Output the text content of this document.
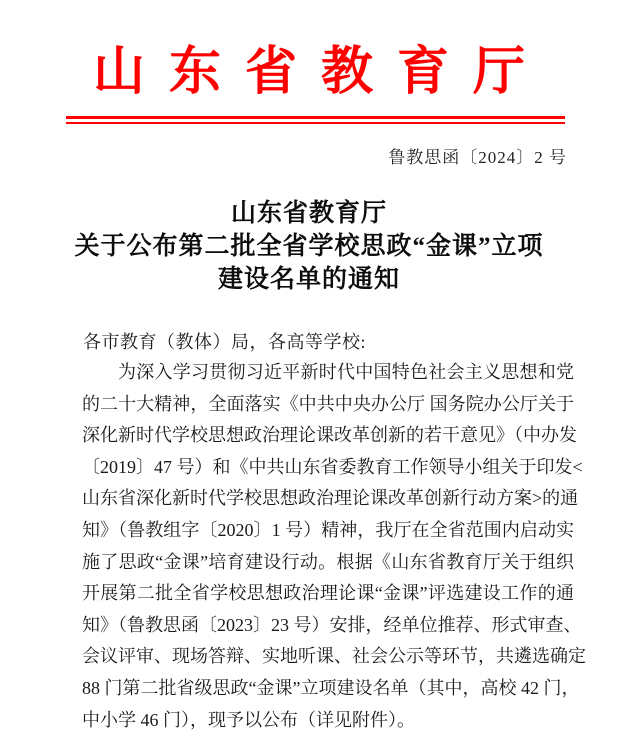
山东省教育厅
鲁教思函〔2024〕2 号
山东省教育厅
关于公布第二批全省学校思政“金课”立项
建设名单的通知
各市教育（教体）局，各高等学校:
为深入学习贯彻习近平新时代中国特色社会主义思想和党
的二十大精神，全面落实《中共中央办公厅 国务院办公厅关于
深化新时代学校思想政治理论课改革创新的若干意见》（中办发
〔2019〕47 号）和《中共山东省委教育工作领导小组关于印发<
山东省深化新时代学校思想政治理论课改革创新行动方案>的通
知》（鲁教组字〔2020〕1 号）精神，我厅在全省范围内启动实
施了思政“金课”培育建设行动。根据《山东省教育厅关于组织
开展第二批全省学校思想政治理论课“金课”评选建设工作的通
知》（鲁教思函〔2023〕23 号）安排，经单位推荐、形式审查、
会议评审、现场答辩、实地听课、社会公示等环节，共遴选确定
88 门第二批省级思政“金课”立项建设名单（其中，高校 42 门，
中小学 46 门），现予以公布（详见附件）。
